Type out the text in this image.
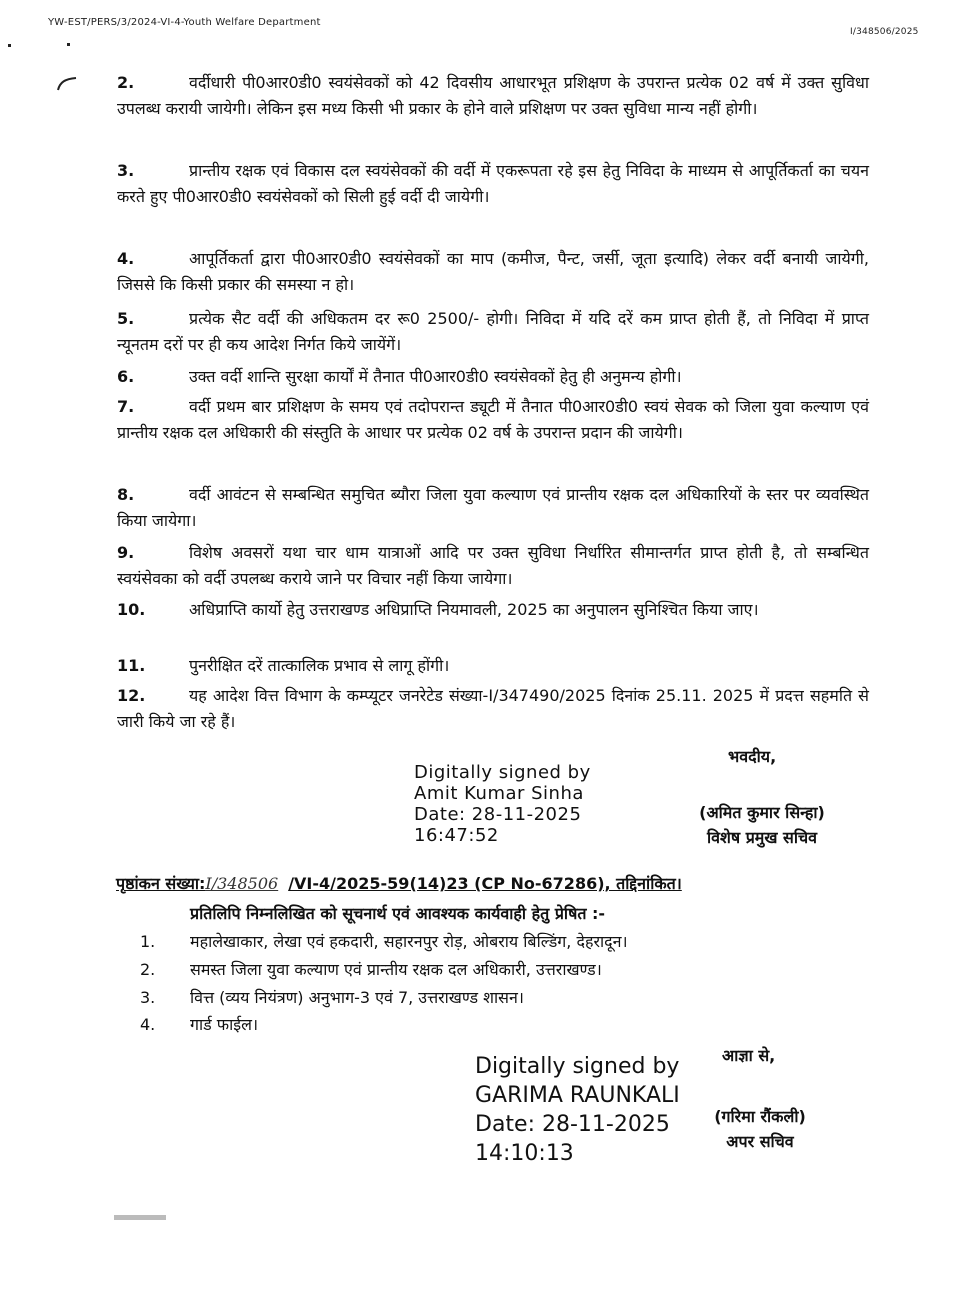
YW-EST/PERS/3/2024-VI-4-Youth Welfare Department
I/348506/2025
2.	वर्दीधारी पी0आर0डी0 स्वयंसेवकों को 42 दिवसीय आधारभूत प्रशिक्षण के उपरान्त प्रत्येक 02 वर्ष में उक्त सुविधा उपलब्ध करायी जायेगी। लेकिन इस मध्य किसी भी प्रकार के होने वाले प्रशिक्षण पर उक्त सुविधा मान्य नहीं होगी।
3.	प्रान्तीय रक्षक एवं विकास दल स्वयंसेवकों की वर्दी में एकरूपता रहे इस हेतु निविदा के माध्यम से आपूर्तिकर्ता का चयन करते हुए पी0आर0डी0 स्वयंसेवकों को सिली हुई वर्दी दी जायेगी।
4.	आपूर्तिकर्ता द्वारा पी0आर0डी0 स्वयंसेवकों का माप (कमीज, पैन्ट, जर्सी, जूता इत्यादि) लेकर वर्दी बनायी जायेगी, जिससे कि किसी प्रकार की समस्या न हो।
5.	प्रत्येक सैट वर्दी की अधिकतम दर रू0 2500/- होगी। निविदा में यदि दरें कम प्राप्त होती हैं, तो निविदा में प्राप्त न्यूनतम दरों पर ही कय आदेश निर्गत किये जायेंगें।
6.	उक्त वर्दी शान्ति सुरक्षा कार्यों में तैनात पी0आर0डी0 स्वयंसेवकों हेतु ही अनुमन्य होगी।
7.	वर्दी प्रथम बार प्रशिक्षण के समय एवं तदोपरान्त ड्यूटी में तैनात पी0आर0डी0 स्वयं सेवक को जिला युवा कल्याण एवं प्रान्तीय रक्षक दल अधिकारी की संस्तुति के आधार पर प्रत्येक 02 वर्ष के उपरान्त प्रदान की जायेगी।
8.	वर्दी आवंटन से सम्बन्धित समुचित ब्यौरा जिला युवा कल्याण एवं प्रान्तीय रक्षक दल अधिकारियों के स्तर पर व्यवस्थित किया जायेगा।
9.	विशेष अवसरों यथा चार धाम यात्राओं आदि पर उक्त सुविधा निर्धारित सीमान्तर्गत प्राप्त होती है, तो सम्बन्धित स्वयंसेवका को वर्दी उपलब्ध कराये जाने पर विचार नहीं किया जायेगा।
10.	अधिप्राप्ति कार्यो हेतु उत्तराखण्ड अधिप्राप्ति नियमावली, 2025 का अनुपालन सुनिश्चित किया जाए।
11.	पुनरीक्षित दरें तात्कालिक प्रभाव से लागू होंगी।
12.	यह आदेश वित्त विभाग के कम्प्यूटर जनरेटेड संख्या-I/347490/2025 दिनांक 25.11. 2025 में प्रदत्त सहमति से जारी किये जा रहे हैं।
भवदीय,
Digitally signed by
Amit Kumar Sinha
Date: 28-11-2025
16:47:52
(अमित कुमार सिन्हा)
विशेष प्रमुख सचिव
पृष्ठांकन संख्या:I/348506 /VI-4/2025-59(14)23 (CP No-67286), तद्दिनांकित।
प्रतिलिपि निम्नलिखित को सूचनार्थ एवं आवश्यक कार्यवाही हेतु प्रेषित :-
1. महालेखाकार, लेखा एवं हकदारी, सहारनपुर रोड़, ओबराय बिल्डिंग, देहरादून।
2. समस्त जिला युवा कल्याण एवं प्रान्तीय रक्षक दल अधिकारी, उत्तराखण्ड।
3. वित्त (व्यय नियंत्रण) अनुभाग-3 एवं 7, उत्तराखण्ड शासन।
4. गार्ड फाईल।
आज्ञा से,
Digitally signed by
GARIMA RAUNKALI
Date: 28-11-2025
14:10:13
(गरिमा रौंकली)
अपर सचिव
